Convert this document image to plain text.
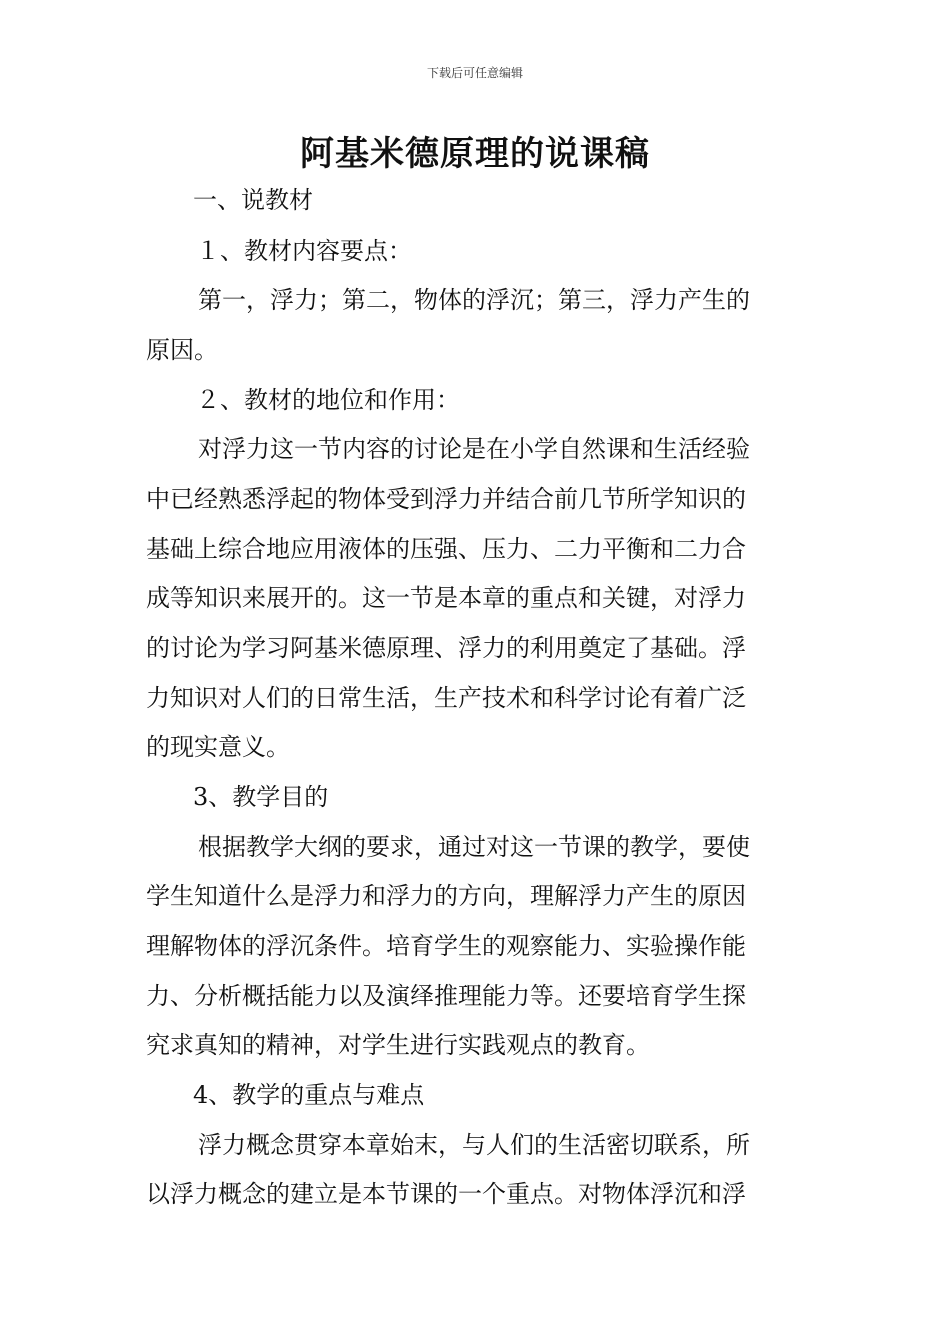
下载后可任意编辑
阿基米德原理的说课稿
一、说教材
１、教材内容要点：
第一，浮力；第二，物体的浮沉；第三，浮力产生的
原因。
２、教材的地位和作用：
对浮力这一节内容的讨论是在小学自然课和生活经验
中已经熟悉浮起的物体受到浮力并结合前几节所学知识的
基础上综合地应用液体的压强、压力、二力平衡和二力合
成等知识来展开的。这一节是本章的重点和关键，对浮力
的讨论为学习阿基米德原理、浮力的利用奠定了基础。浮
力知识对人们的日常生活，生产技术和科学讨论有着广泛
的现实意义。
3、教学目的
根据教学大纲的要求，通过对这一节课的教学，要使
学生知道什么是浮力和浮力的方向，理解浮力产生的原因
理解物体的浮沉条件。培育学生的观察能力、实验操作能
力、分析概括能力以及演绎推理能力等。还要培育学生探
究求真知的精神，对学生进行实践观点的教育。
4、教学的重点与难点
浮力概念贯穿本章始末，与人们的生活密切联系，所
以浮力概念的建立是本节课的一个重点。对物体浮沉和浮
